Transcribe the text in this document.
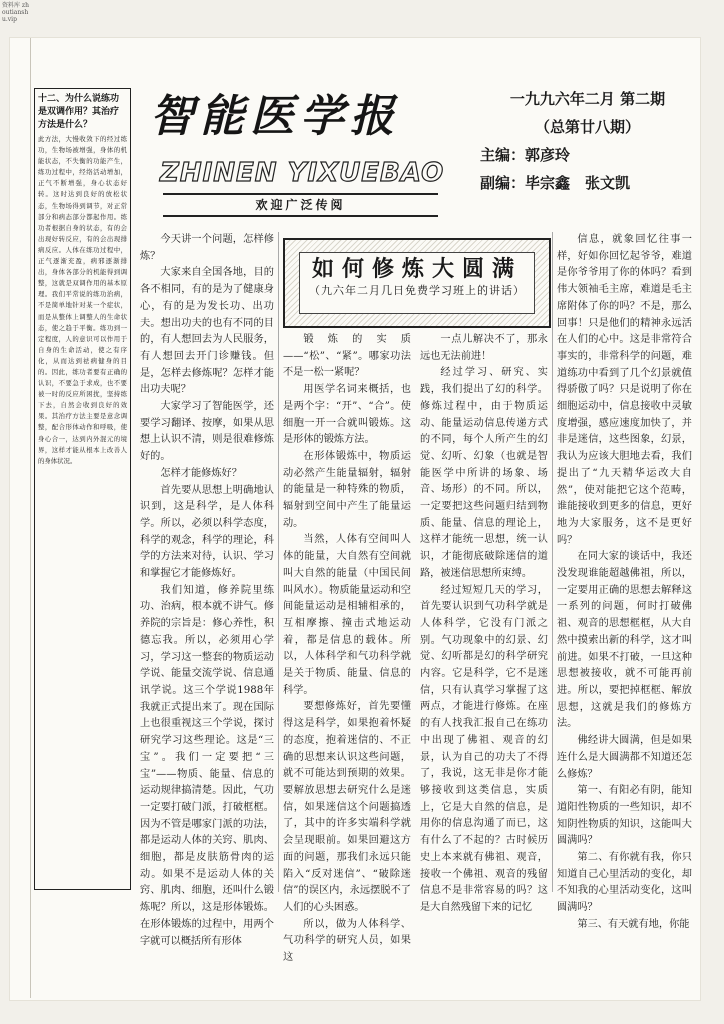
资料库 zhoutianshu.vip
十二、为什么说练功是双调作用？其治疗方法是什么？
此方法，大慢收敛下的经过练功，生物场被增强，身体的机能状态，不失衡的功能产生，练功过程中，经络活动增加，正气不断增强，身心状态好转。这时达到良好的放松状态，生物场得到调节，对正常部分和病态部分都起作用。练功者根据自身的状态，有的会出现好转反应，有的会出现排病反应。人体在练功过程中，正气逐渐充盈，病邪逐渐排出，身体各部分的机能得到调整，这就是双调作用的基本原理。我们平常说的练功治病，不是简单地针对某一个症状，而是从整体上调整人的生命状态，使之趋于平衡。练功到一定程度，人的意识可以作用于自身的生命活动，使之有序化，从而达到祛病健身的目的。因此，练功者要有正确的认识，不要急于求成，也不要被一时的反应所困扰，坚持练下去，自然会收到良好的效果。其治疗方法主要是意念调整，配合形体动作和呼吸，使身心合一，达到内外混元的境界，这样才能从根本上改善人的身体状况。
智能医学报
ZHINEN YIXUEBAO
欢迎广泛传阅
一九九六年二月 第二期
（总第廿八期）
主编：郭彦玲
副编：毕宗鑫　张文凯
如何修炼大圆满
（九六年二月几日免费学习班上的讲话）

今天讲一个问题，怎样修炼？

大家来自全国各地，目的各不相同，有的是为了健康身心，有的是为发长功、出功夫。想出功夫的也有不同的目的，有人想回去为人民服务，有人想回去开门诊赚钱。但是，怎样去修炼呢？怎样才能出功夫呢？

大家学习了智能医学，还要学习翻译、按摩，如果从思想上认识不清，则是很难修炼好的。

怎样才能修炼好？

首先要从思想上明确地认识到，这是科学，是人体科学。所以，必须以科学态度，科学的观念，科学的理论，科学的方法来对待，认识、学习和掌握它才能修炼好。

我们知道，修养院里练功、治病，根本就不讲气。修养院的宗旨是：修心养性，积德忘我。所以，必须用心学习，学习这一整套的物质运动学说、能量交流学说、信息通讯学说。这三个学说1988年我就正式提出来了。现在国际上也很重视这三个学说，探讨研究学习这些理论。这是“三宝”。我们一定要把“三宝”——物质、能量、信息的运动规律搞清楚。因此，气功一定要打破门派，打破框框。因为不管是哪家门派的功法，都是运动人体的关窍、肌肉、细胞，都是皮肤筋骨肉的运动。如果不是运动人体的关窍、肌肉、细胞，还叫什么锻炼呢？所以，这是形体锻炼。在形体锻炼的过程中，用两个字就可以概括所有形体

锻炼的实质——“松”、“紧”。哪家功法不是一松一紧呢？

用医学名词来概括，也是两个字：“开”、“合”。使细胞一开一合就叫锻炼。这是形体的锻炼方法。

在形体锻炼中，物质运动必然产生能量辐射，辐射的能量是一种特殊的物质，辐射到空间中产生了能量运动。

当然，人体有空间叫人体的能量，大自然有空间就叫大自然的能量（中国民间叫风水）。物质能量运动和空间能量运动是相辅相承的，互相摩擦、撞击式地运动着，都是信息的载体。所以，人体科学和气功科学就是关于物质、能量、信息的科学。

要想修炼好，首先要懂得这是科学，如果抱着怀疑的态度，抱着迷信的、不正确的思想来认识这些问题，就不可能达到预期的效果。要解放思想去研究什么是迷信，如果迷信这个问题搞透了，其中的许多实端科学就会呈现眼前。如果回避这方面的问题，那我们永远只能陷入“反对迷信”、“破除迷信”的误区内，永远摆脱不了人们的心头困惑。

所以，做为人体科学、气功科学的研究人员，如果这

一点儿解决不了，那永远也无法前进！

经过学习、研究、实践，我们提出了幻的科学。修炼过程中，由于物质运动、能量运动信息传递方式的不同，每个人所产生的幻觉、幻听、幻象（也就是智能医学中所讲的场象、场音、场形）的不同。所以，一定要把这些问题归结到物质、能量、信息的理论上，这样才能统一思想，统一认识，才能彻底破除迷信的道路，被迷信思想所束缚。

经过短短几天的学习，首先要认识到气功科学就是人体科学，它没有门派之别。气功现象中的幻景、幻觉、幻听都是幻的科学研究内容。它是科学，它不是迷信，只有认真学习掌握了这两点，才能进行修炼。在座的有人找我汇报自己在练功中出现了佛祖、观音的幻景，认为自己的功夫了不得了，我说，这无非是你才能够接收到这类信息，实质上，它是大自然的信息，是用你的信息沟通了而已，这有什么了不起的？古时候历史上本来就有佛祖、观音，接收一个佛祖、观音的残留信息不是非常容易的吗？这是大自然残留下来的记忆

信息，就象回忆往事一样，好如你回忆起爷爷，难道是你爷爷用了你的体吗？看到伟大领袖毛主席，难道是毛主席附体了你的吗？不是，那么回事！只是他们的精神永远活在人们的心中。这是非常符合事实的，非常科学的问题，难道练功中看到了几个幻景就值得骄傲了吗？只是说明了你在细胞运动中，信息接收中灵敏度增强，感应速度加快了，并非是迷信，这些图象，幻景，我认为应该大胆地去看，我们提出了“九天精华运改大自然”，使对能把它这个范畴，谁能接收到更多的信息，更好地为大家服务，这不是更好吗？

在同大家的谈话中，我还没发现谁能超越佛祖，所以，一定要用正确的思想去解释这一系列的问题，何时打破佛祖、观音的思想框框，从大自然中摸索出新的科学，这才叫前进。如果不打破，一旦这种思想被接收，就不可能再前进。所以，要把掉框框、解放思想，这就是我们的修炼方法。

佛经讲大圆满，但是如果连什么是大圆满都不知道还怎么修炼？

第一、有阳必有阴，能知道阳性物质的一些知识，却不知阴性物质的知识，这能叫大圆满吗？

第二、有你就有我，你只知道自己心里活动的变化，却不知我的心里活动变化，这叫圆满吗？

第三、有天就有地，你能
